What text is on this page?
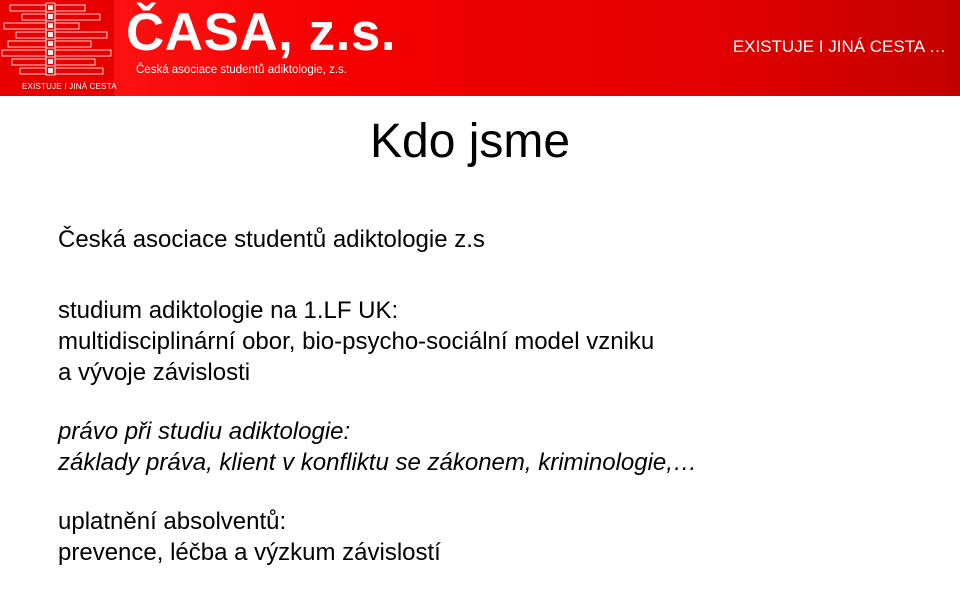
EXISTUJE I JINÁ CESTA
ČASA, z.s.
Česká asociace studentů adiktologie, z.s.
EXISTUJE I JINÁ CESTA …
Kdo jsme
Česká asociace studentů adiktologie z.s
studium adiktologie na 1.LF UK:
multidisciplinární obor, bio-psycho-sociální model vzniku
a vývoje závislosti
právo při studiu adiktologie:
základy práva, klient v konfliktu se zákonem, kriminologie,…
uplatnění absolventů:
prevence, léčba a výzkum závislostí
